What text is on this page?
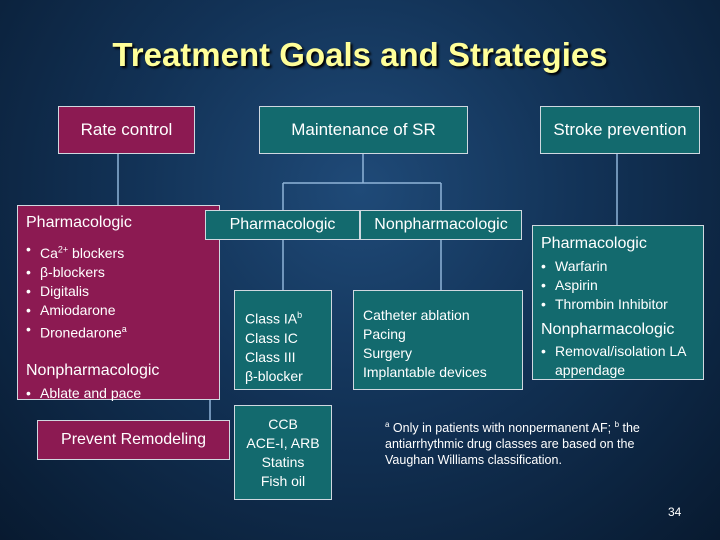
Treatment Goals and Strategies
Rate control	Maintenance of SR	Stroke prevention
Pharmacologic
• $Ca^{2+}$ blockers
• β-blockers
• Digitalis
• Amiodarone
• Dronedarone$^a$
Nonpharmacologic
• Ablate and pace
Prevent Remodeling
Pharmacologic Nonpharmacologic
Class $IA^b$
Class IC
Class III
β-blocker
Catheter ablation
Pacing
Surgery
Implantable devices
CCB
ACE-I, ARB
Statins
Fish oil
Pharmacologic
• Warfarin
• Aspirin
• Thrombin Inhibitor
Nonpharmacologic
• Removal/isolation LA appendage
$^a$ Only in patients with nonpermanent AF; $^b$ the antiarrhythmic drug classes are based on the Vaughan Williams classification.
34
